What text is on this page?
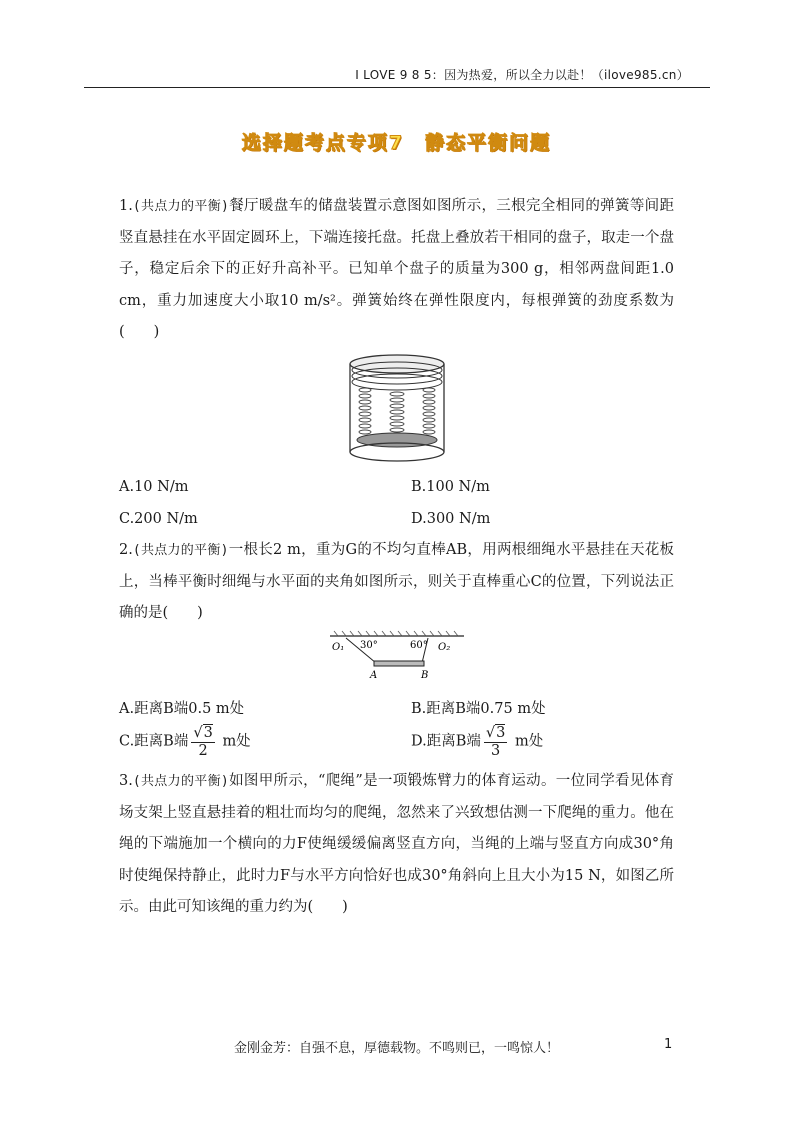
I LOVE 9 8 5：因为热爱，所以全力以赴！（ilove985.cn）
选择题考点专项7　静态平衡问题
1.(共点力的平衡)餐厅暖盘车的储盘装置示意图如图所示，三根完全相同的弹簧等间距竖直悬挂在水平固定圆环上，下端连接托盘。托盘上叠放若干相同的盘子，取走一个盘子，稳定后余下的正好升高补平。已知单个盘子的质量为300 g，相邻两盘间距1.0 cm，重力加速度大小取10 m/s²。弹簧始终在弹性限度内，每根弹簧的劲度系数为(　　)
A.10 N/m	B.100 N/m
C.200 N/m	D.300 N/m
2.(共点力的平衡)一根长2 m，重为G的不均匀直棒AB，用两根细绳水平悬挂在天花板上，当棒平衡时细绳与水平面的夹角如图所示，则关于直棒重心C的位置，下列说法正确的是(　　)
O₁ 30°	60° O₂
A	B
A.距离B端0.5 m处	B.距离B端0.75 m处
C.距离B端 $\frac{√3}{2}$ m处	D.距离B端 $\frac{√3}{3}$ m处
3.(共点力的平衡)如图甲所示，“爬绳”是一项锻炼臂力的体育运动。一位同学看见体育场支架上竖直悬挂着的粗壮而均匀的爬绳，忽然来了兴致想估测一下爬绳的重力。他在绳的下端施加一个横向的力F使绳缓缓偏离竖直方向，当绳的上端与竖直方向成30°角时使绳保持静止，此时力F与水平方向恰好也成30°角斜向上且大小为15 N，如图乙所示。由此可知该绳的重力约为(　　)
金刚金芳：自强不息，厚德载物。不鸣则已，一鸣惊人！	1
